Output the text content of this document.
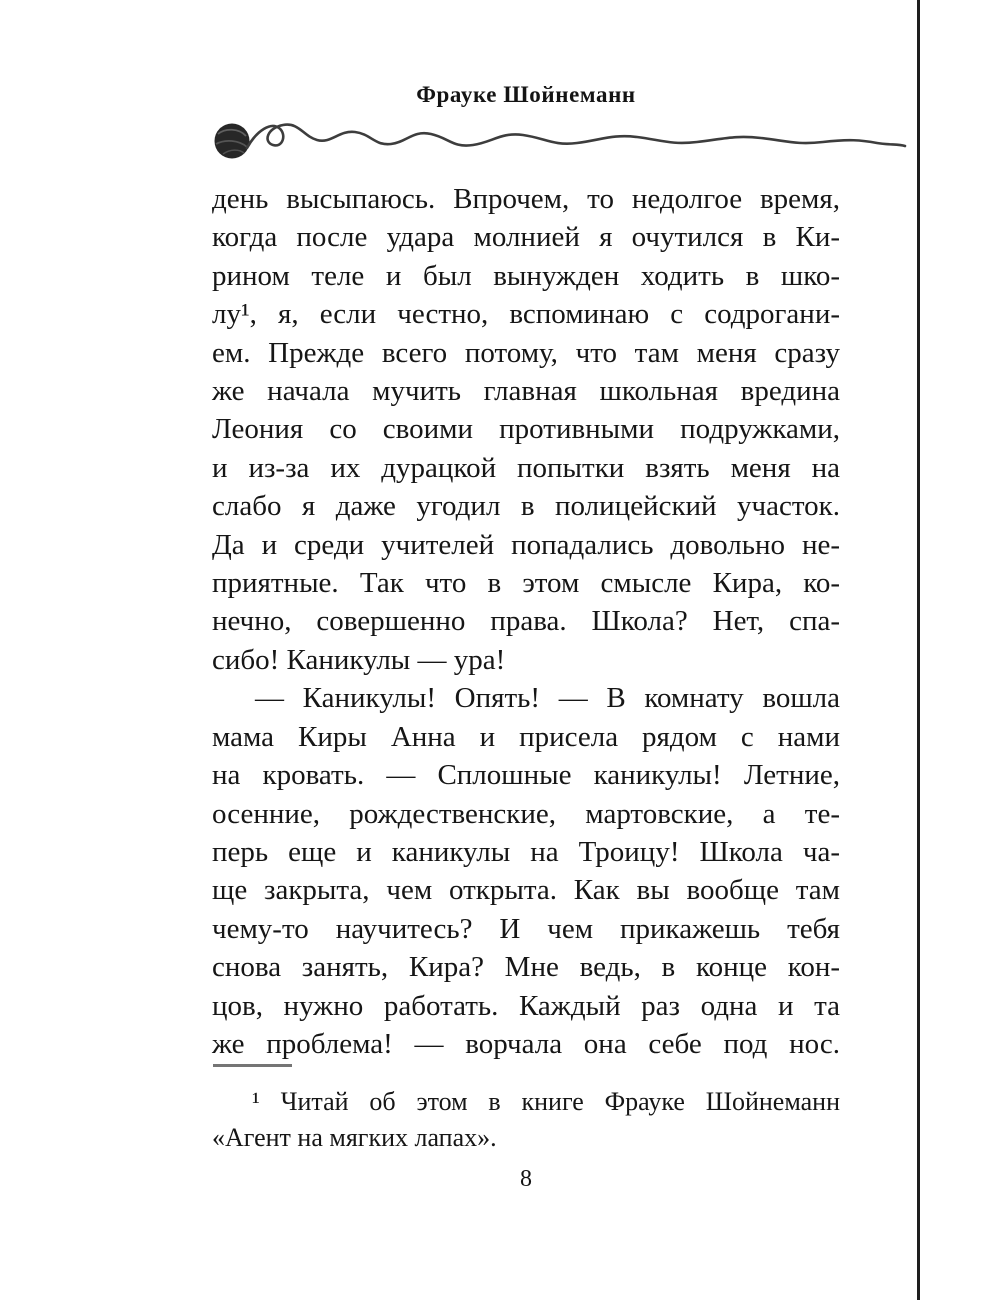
Фрауке Шойнеманн
день высыпаюсь. Впрочем, то недолгое время,
когда после удара молнией я очутился в Ки-
рином теле и был вынужден ходить в шко-
лу¹, я, если честно, вспоминаю с содрогани-
ем. Прежде всего потому, что там меня сразу
же начала мучить главная школьная вредина
Леония со своими противными подружками,
и из-за их дурацкой попытки взять меня на
слабо я даже угодил в полицейский участок.
Да и среди учителей попадались довольно не-
приятные. Так что в этом смысле Кира, ко-
нечно, совершенно права. Школа? Нет, спа-
сибо! Каникулы — ура!
— Каникулы! Опять! — В комнату вошла
мама Киры Анна и присела рядом с нами
на кровать. — Сплошные каникулы! Летние,
осенние, рождественские, мартовские, а те-
перь еще и каникулы на Троицу! Школа ча-
ще закрыта, чем открыта. Как вы вообще там
чему-то научитесь? И чем прикажешь тебя
снова занять, Кира? Мне ведь, в конце кон-
цов, нужно работать. Каждый раз одна и та
же проблема! — ворчала она себе под нос.
¹ Читай об этом в книге Фрауке Шойнеманн
«Агент на мягких лапах».
8
